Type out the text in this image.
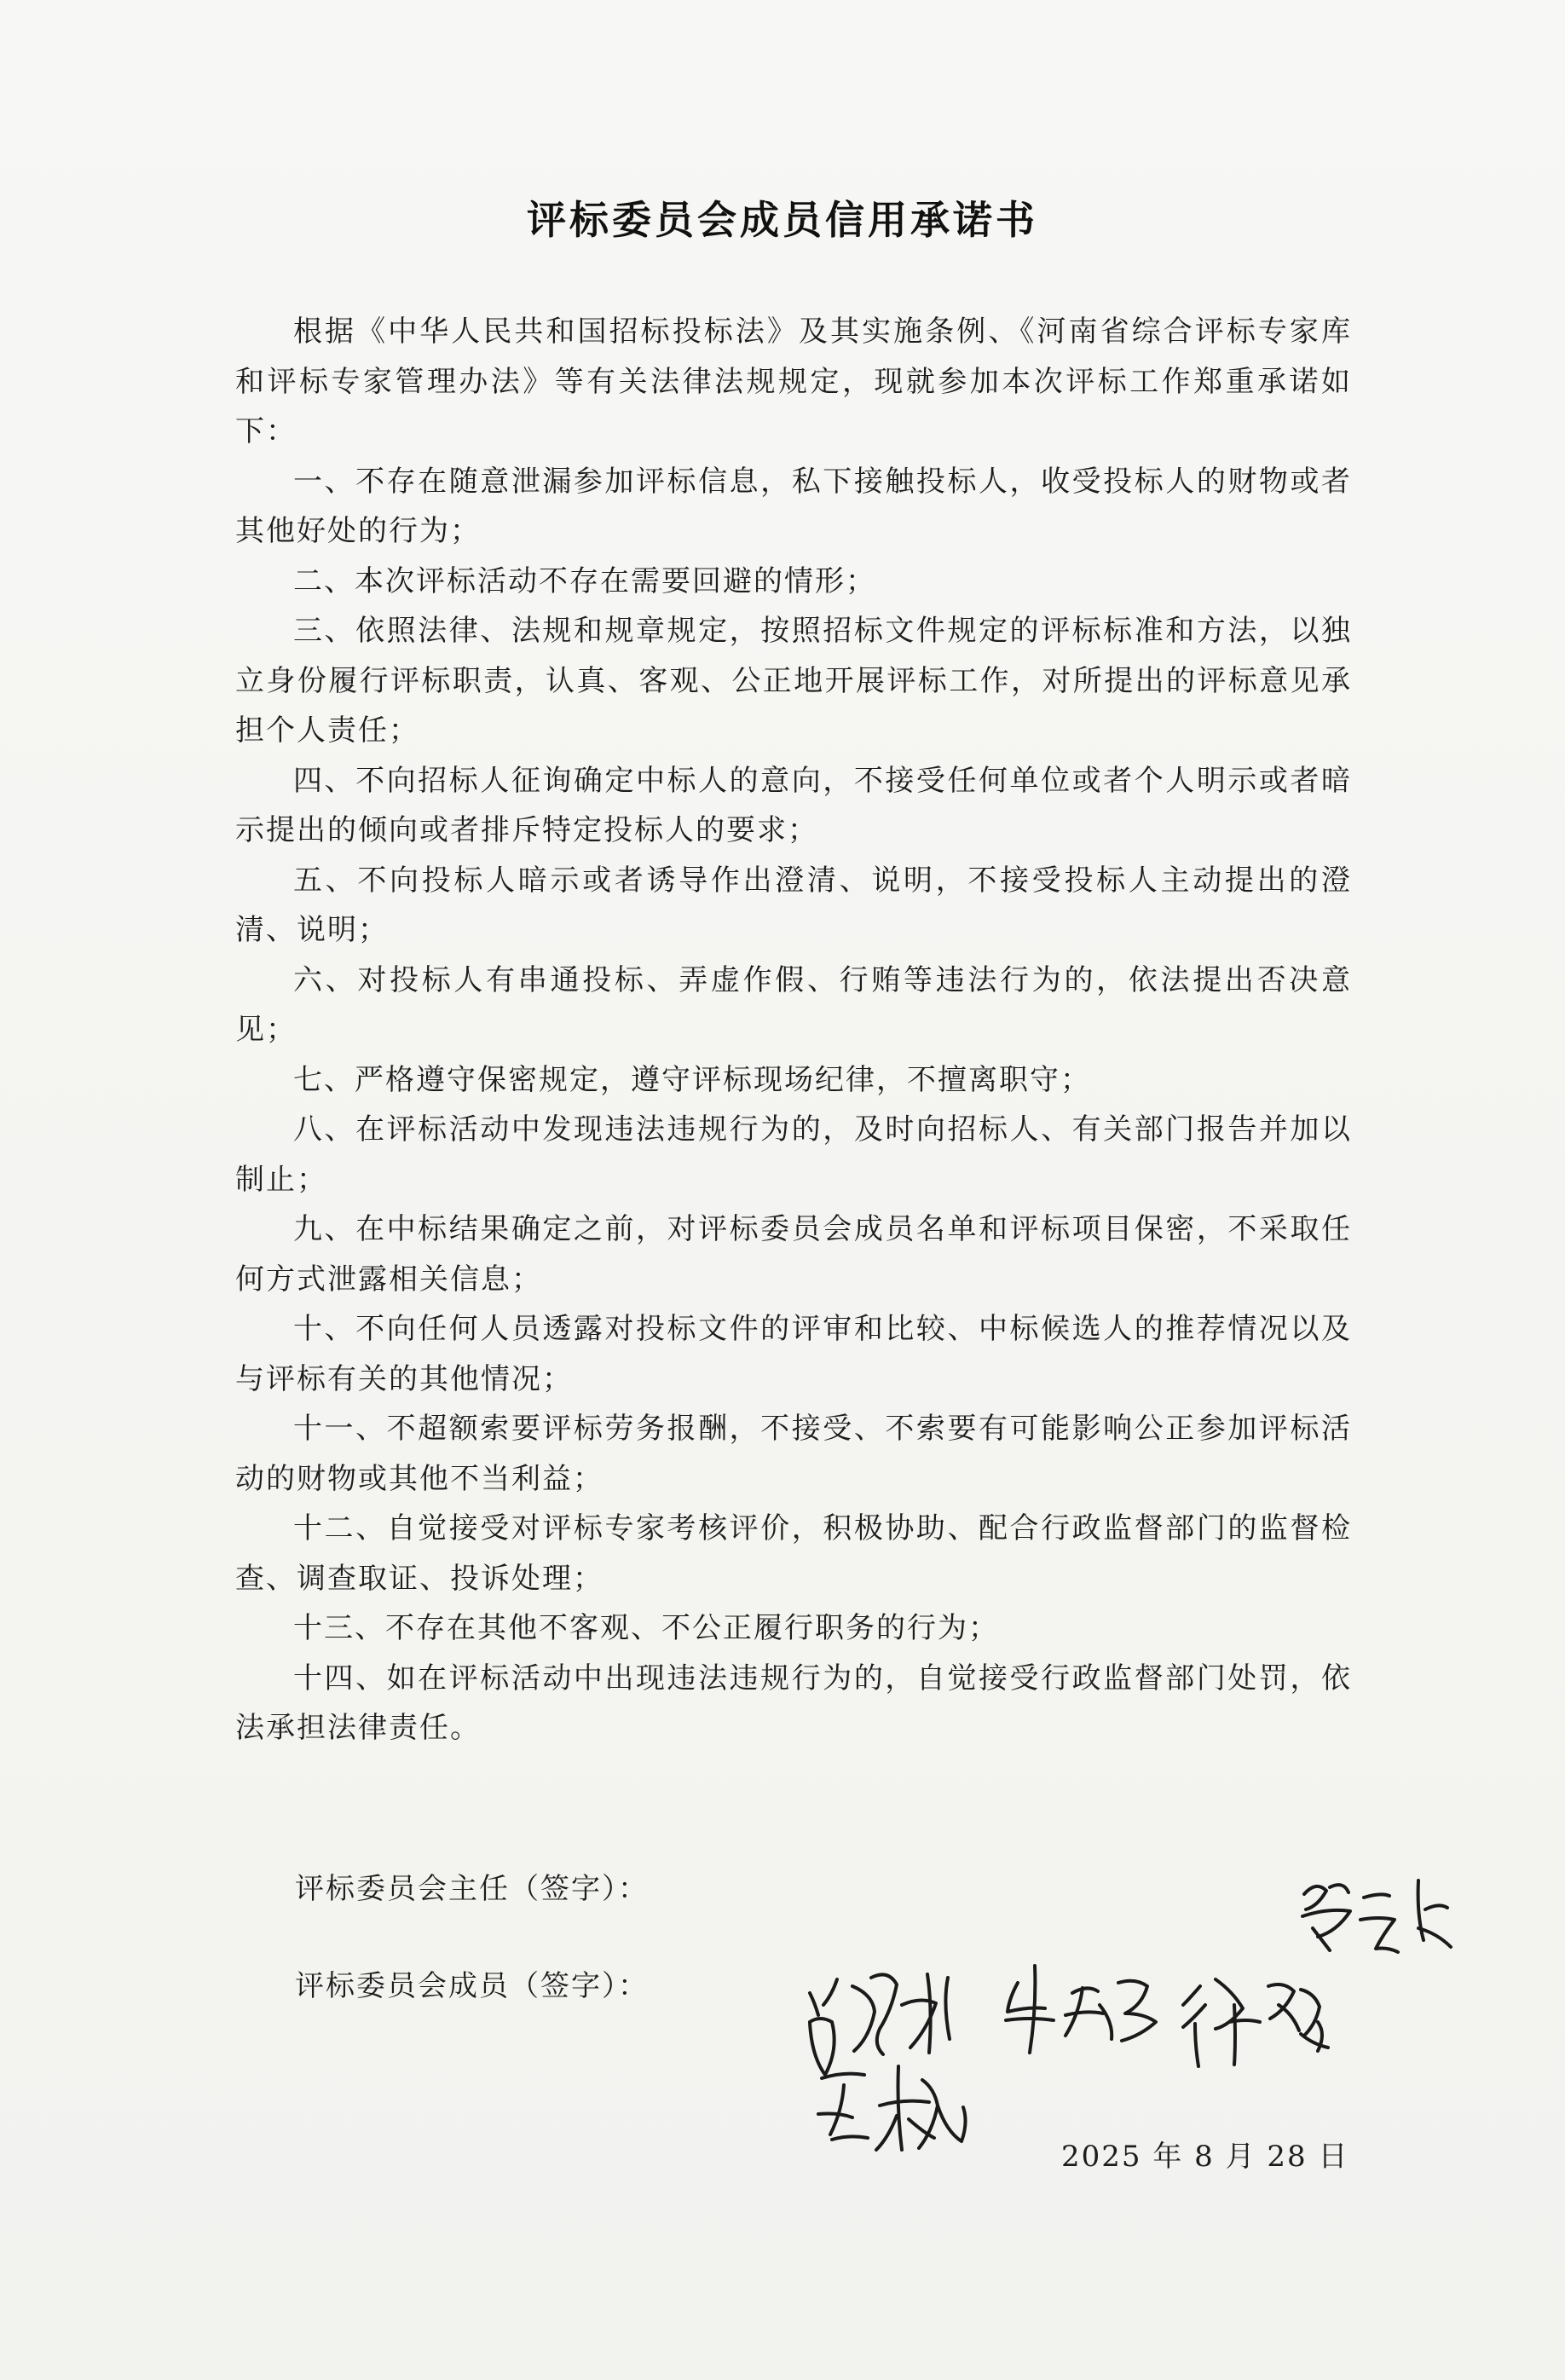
评标委员会成员信用承诺书

根据《中华人民共和国招标投标法》及其实施条例、《河南省综合评标专家库和评标专家管理办法》等有关法律法规规定，现就参加本次评标工作郑重承诺如下：

一、不存在随意泄漏参加评标信息，私下接触投标人，收受投标人的财物或者其他好处的行为；

二、本次评标活动不存在需要回避的情形；

三、依照法律、法规和规章规定，按照招标文件规定的评标标准和方法，以独立身份履行评标职责，认真、客观、公正地开展评标工作，对所提出的评标意见承担个人责任；

四、不向招标人征询确定中标人的意向，不接受任何单位或者个人明示或者暗示提出的倾向或者排斥特定投标人的要求；

五、不向投标人暗示或者诱导作出澄清、说明，不接受投标人主动提出的澄清、说明；

六、对投标人有串通投标、弄虚作假、行贿等违法行为的，依法提出否决意见；

七、严格遵守保密规定，遵守评标现场纪律，不擅离职守；

八、在评标活动中发现违法违规行为的，及时向招标人、有关部门报告并加以制止；

九、在中标结果确定之前，对评标委员会成员名单和评标项目保密，不采取任何方式泄露相关信息；

十、不向任何人员透露对投标文件的评审和比较、中标候选人的推荐情况以及与评标有关的其他情况；

十一、不超额索要评标劳务报酬，不接受、不索要有可能影响公正参加评标活动的财物或其他不当利益；

十二、自觉接受对评标专家考核评价，积极协助、配合行政监督部门的监督检查、调查取证、投诉处理；

十三、不存在其他不客观、不公正履行职务的行为；

十四、如在评标活动中出现违法违规行为的，自觉接受行政监督部门处罚，依法承担法律责任。

评标委员会主任（签字）：
评标委员会成员（签字）：
2025 年 8 月 28 日
